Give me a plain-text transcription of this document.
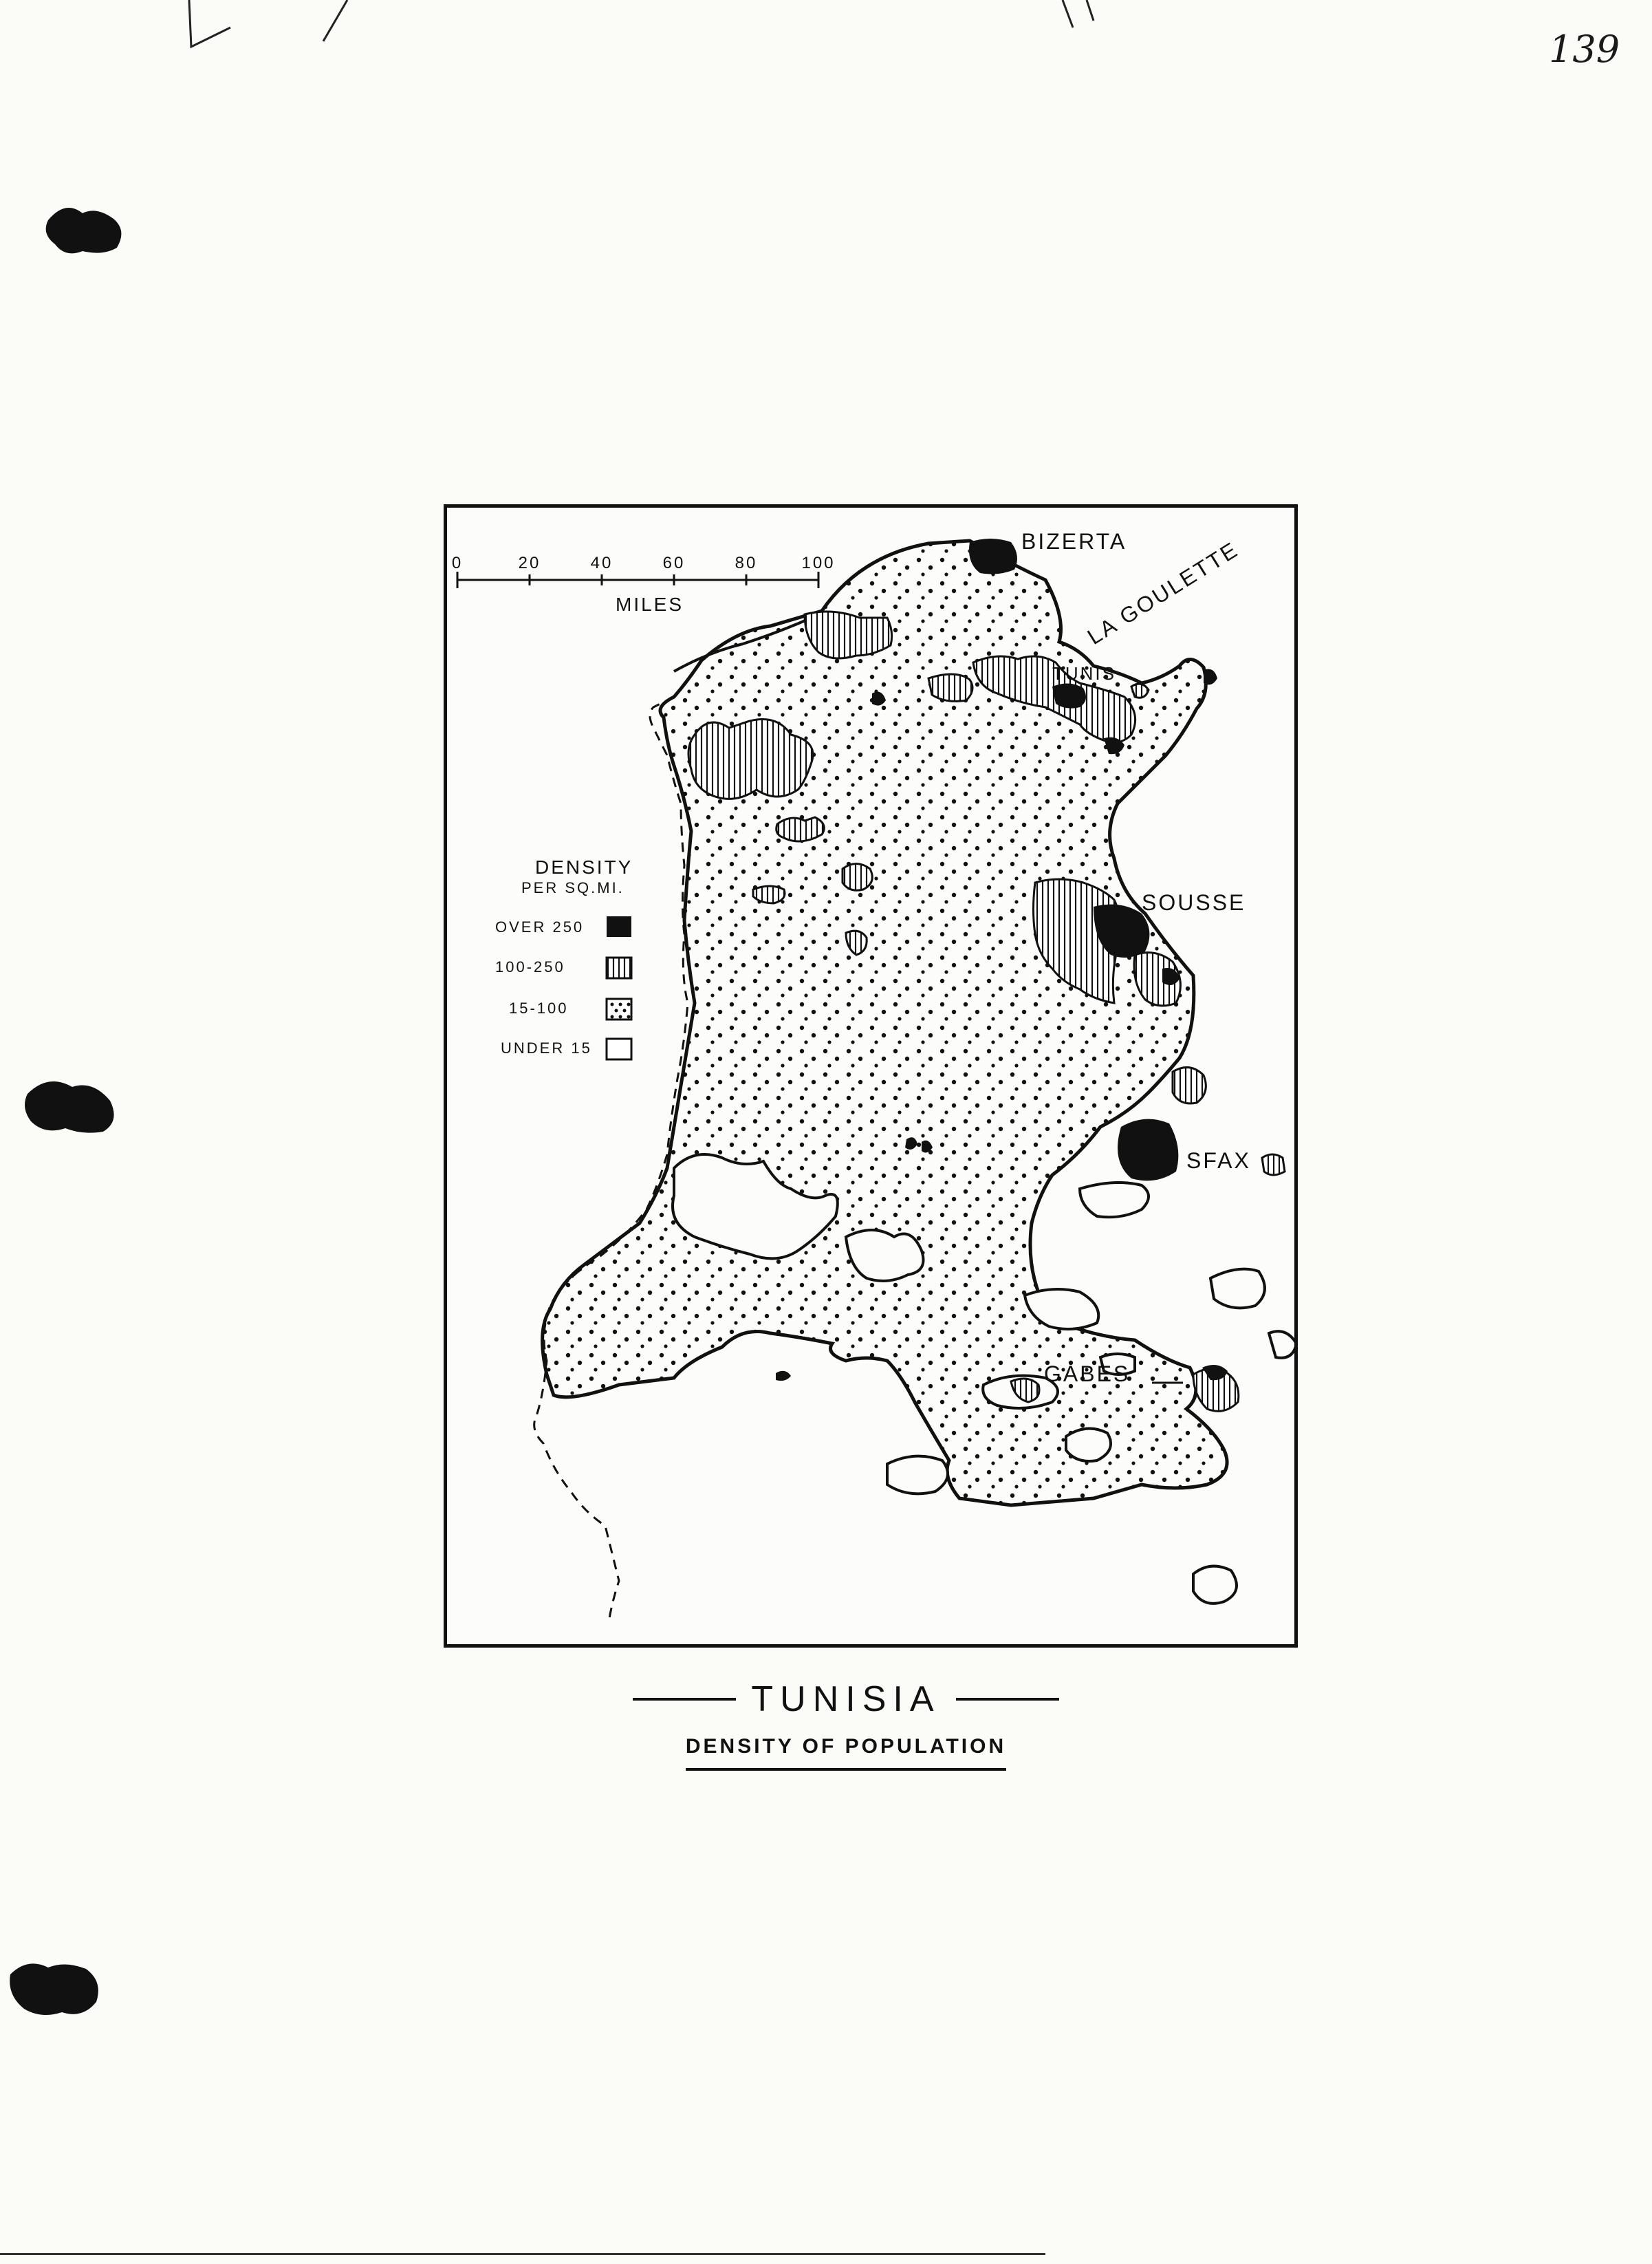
139
0	20	40	60	80	100
MILES
BIZERTA
LA GOULETTE
TUNIS
SOUSSE
SFAX
GABES
DENSITY
PER SQ.MI.
OVER 250
100-250
15-100
UNDER 15
TUNISIA
DENSITY OF POPULATION
